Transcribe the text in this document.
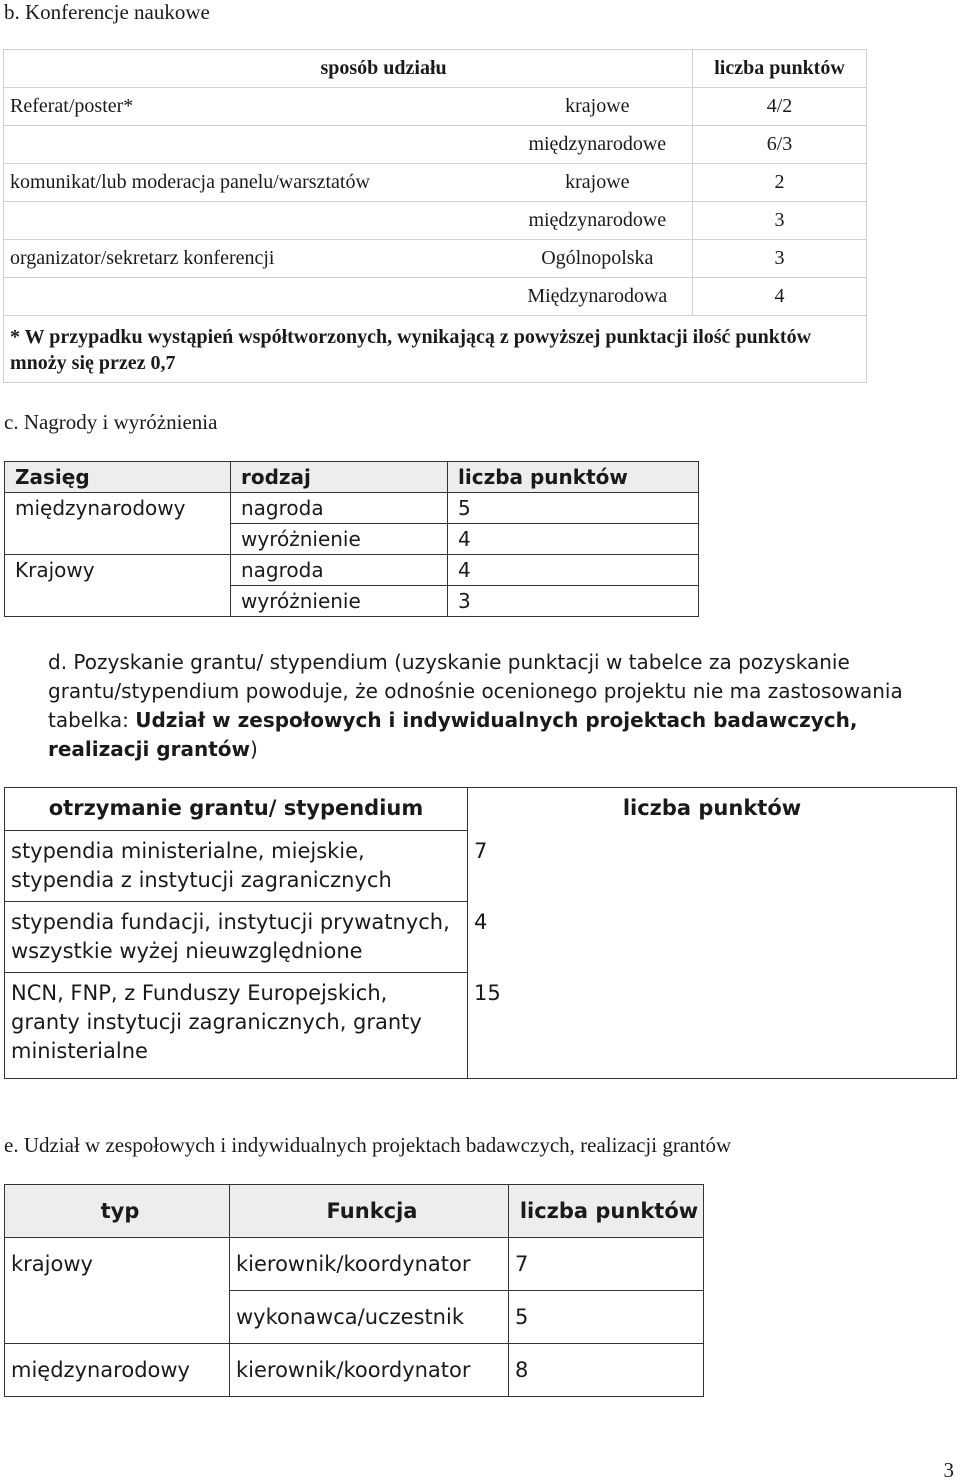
b. Konferencje naukowe
sposób udziału		liczba punktów
Referat/poster*	krajowe	4/2
	międzynarodowe	6/3
komunikat/lub moderacja panelu/warsztatów	krajowe	2
	międzynarodowe	3
organizator/sekretarz konferencji	Ogólnopolska	3
	Międzynarodowa	4
* W przypadku wystąpień współtworzonych, wynikającą z powyższej punktacji ilość punktów mnoży się przez 0,7		
c. Nagrody i wyróżnienia
Zasięg	rodzaj	liczba punktów
międzynarodowy	nagroda	5
	wyróżnienie	4
Krajowy	nagroda	4
	wyróżnienie	3
d. Pozyskanie grantu/ stypendium (uzyskanie punktacji w tabelce za pozyskanie grantu/stypendium powoduje, że odnośnie ocenionego projektu nie ma zastosowania tabelka: Udział w zespołowych i indywidualnych projektach badawczych, realizacji grantów)
otrzymanie grantu/ stypendium	liczba punktów
stypendia ministerialne, miejskie, stypendia z instytucji zagranicznych	7
stypendia fundacji, instytucji prywatnych, wszystkie wyżej nieuwzględnione	4
NCN, FNP, z Funduszy Europejskich, granty instytucji zagranicznych, granty ministerialne	15
e. Udział w zespołowych i indywidualnych projektach badawczych, realizacji grantów
typ	Funkcja	liczba punktów
krajowy	kierownik/koordynator	7
	wykonawca/uczestnik	5
międzynarodowy	kierownik/koordynator	8
3
